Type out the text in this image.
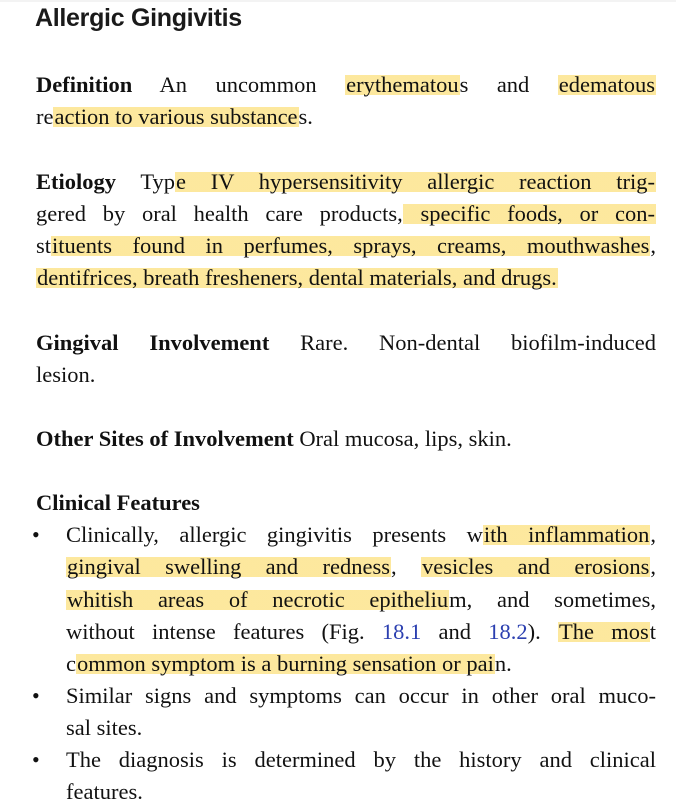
Allergic Gingivitis
Definition An uncommon erythematous and edematous
reaction to various substances.
Etiology Type IV hypersensitivity allergic reaction trig-
gered by oral health care products, specific foods, or con-
stituents found in perfumes, sprays, creams, mouthwashes,
dentifrices, breath fresheners, dental materials, and drugs.
Gingival Involvement Rare. Non-dental biofilm-induced
lesion.
Other Sites of Involvement Oral mucosa, lips, skin.
Clinical Features
• Clinically, allergic gingivitis presents with inflammation,
gingival swelling and redness, vesicles and erosions,
whitish areas of necrotic epithelium, and sometimes,
without intense features (Fig. 18.1 and 18.2). The most
common symptom is a burning sensation or pain.
• Similar signs and symptoms can occur in other oral muco-
sal sites.
• The diagnosis is determined by the history and clinical
features.
